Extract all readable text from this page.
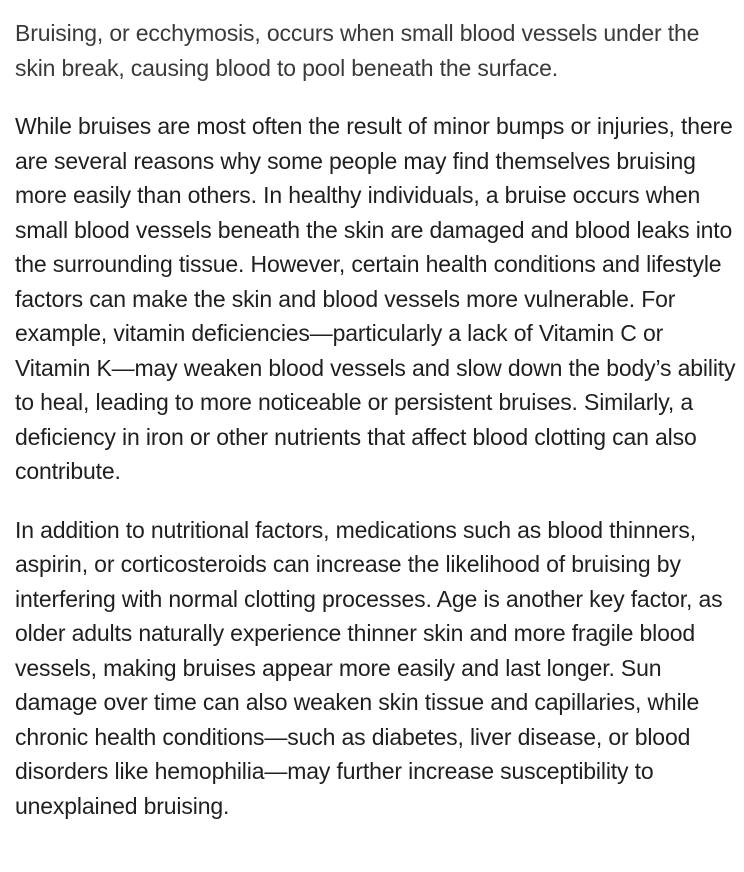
Bruising, or ecchymosis, occurs when small blood vessels under the skin break, causing blood to pool beneath the surface.

While bruises are most often the result of minor bumps or injuries, there are several reasons why some people may find themselves bruising more easily than others. In healthy individuals, a bruise occurs when small blood vessels beneath the skin are damaged and blood leaks into the surrounding tissue. However, certain health conditions and lifestyle factors can make the skin and blood vessels more vulnerable. For example, vitamin deficiencies—particularly a lack of Vitamin C or Vitamin K—may weaken blood vessels and slow down the body’s ability to heal, leading to more noticeable or persistent bruises. Similarly, a deficiency in iron or other nutrients that affect blood clotting can also contribute.

In addition to nutritional factors, medications such as blood thinners, aspirin, or corticosteroids can increase the likelihood of bruising by interfering with normal clotting processes. Age is another key factor, as older adults naturally experience thinner skin and more fragile blood vessels, making bruises appear more easily and last longer. Sun damage over time can also weaken skin tissue and capillaries, while chronic health conditions—such as diabetes, liver disease, or blood disorders like hemophilia—may further increase susceptibility to unexplained bruising.
